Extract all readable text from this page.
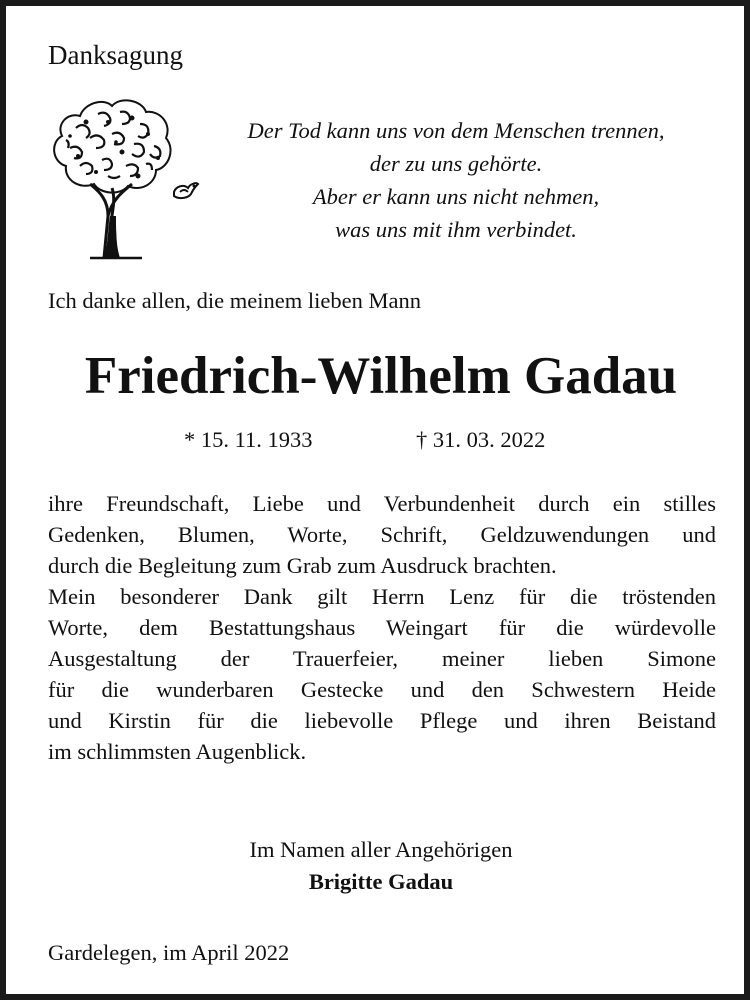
Danksagung

Der Tod kann uns von dem Menschen trennen,
der zu uns gehörte.
Aber er kann uns nicht nehmen,
was uns mit ihm verbindet.

Ich danke allen, die meinem lieben Mann

Friedrich-Wilhelm Gadau

* 15. 11. 1933	† 31. 03. 2022

ihre Freundschaft, Liebe und Verbundenheit durch ein stilles
Gedenken, Blumen, Worte, Schrift, Geldzuwendungen und
durch die Begleitung zum Grab zum Ausdruck brachten.
Mein besonderer Dank gilt Herrn Lenz für die tröstenden
Worte, dem Bestattungshaus Weingart für die würdevolle
Ausgestaltung der Trauerfeier, meiner lieben Simone
für die wunderbaren Gestecke und den Schwestern Heide
und Kirstin für die liebevolle Pflege und ihren Beistand
im schlimmsten Augenblick.
Im Namen aller Angehörigen
Brigitte Gadau

Gardelegen, im April 2022
